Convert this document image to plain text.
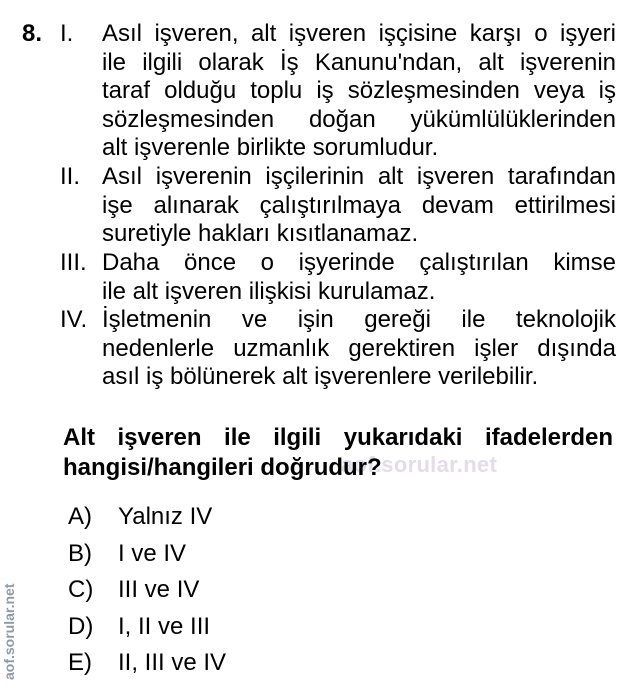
8. I. Asıl işveren, alt işveren işçisine karşı o işyeri
ile ilgili olarak İş Kanunu'ndan, alt işverenin
taraf olduğu toplu iş sözleşmesinden veya iş
sözleşmesinden doğan yükümlülüklerinden
alt işverenle birlikte sorumludur.
II. Asıl işverenin işçilerinin alt işveren tarafından
işe alınarak çalıştırılmaya devam ettirilmesi
suretiyle hakları kısıtlanamaz.
III. Daha önce o işyerinde çalıştırılan kimse
ile alt işveren ilişkisi kurulamaz.
IV. İşletmenin ve işin gereği ile teknolojik
nedenlerle uzmanlık gerektiren işler dışında
asıl iş bölünerek alt işverenlere verilebilir.
aof.sorular.net
Alt işveren ile ilgili yukarıdaki ifadelerden
hangisi/hangileri doğrudur?
A) Yalnız IV
B) I ve IV
C) III ve IV
D) I, II ve III
E) II, III ve IV
aof.sorular.net
